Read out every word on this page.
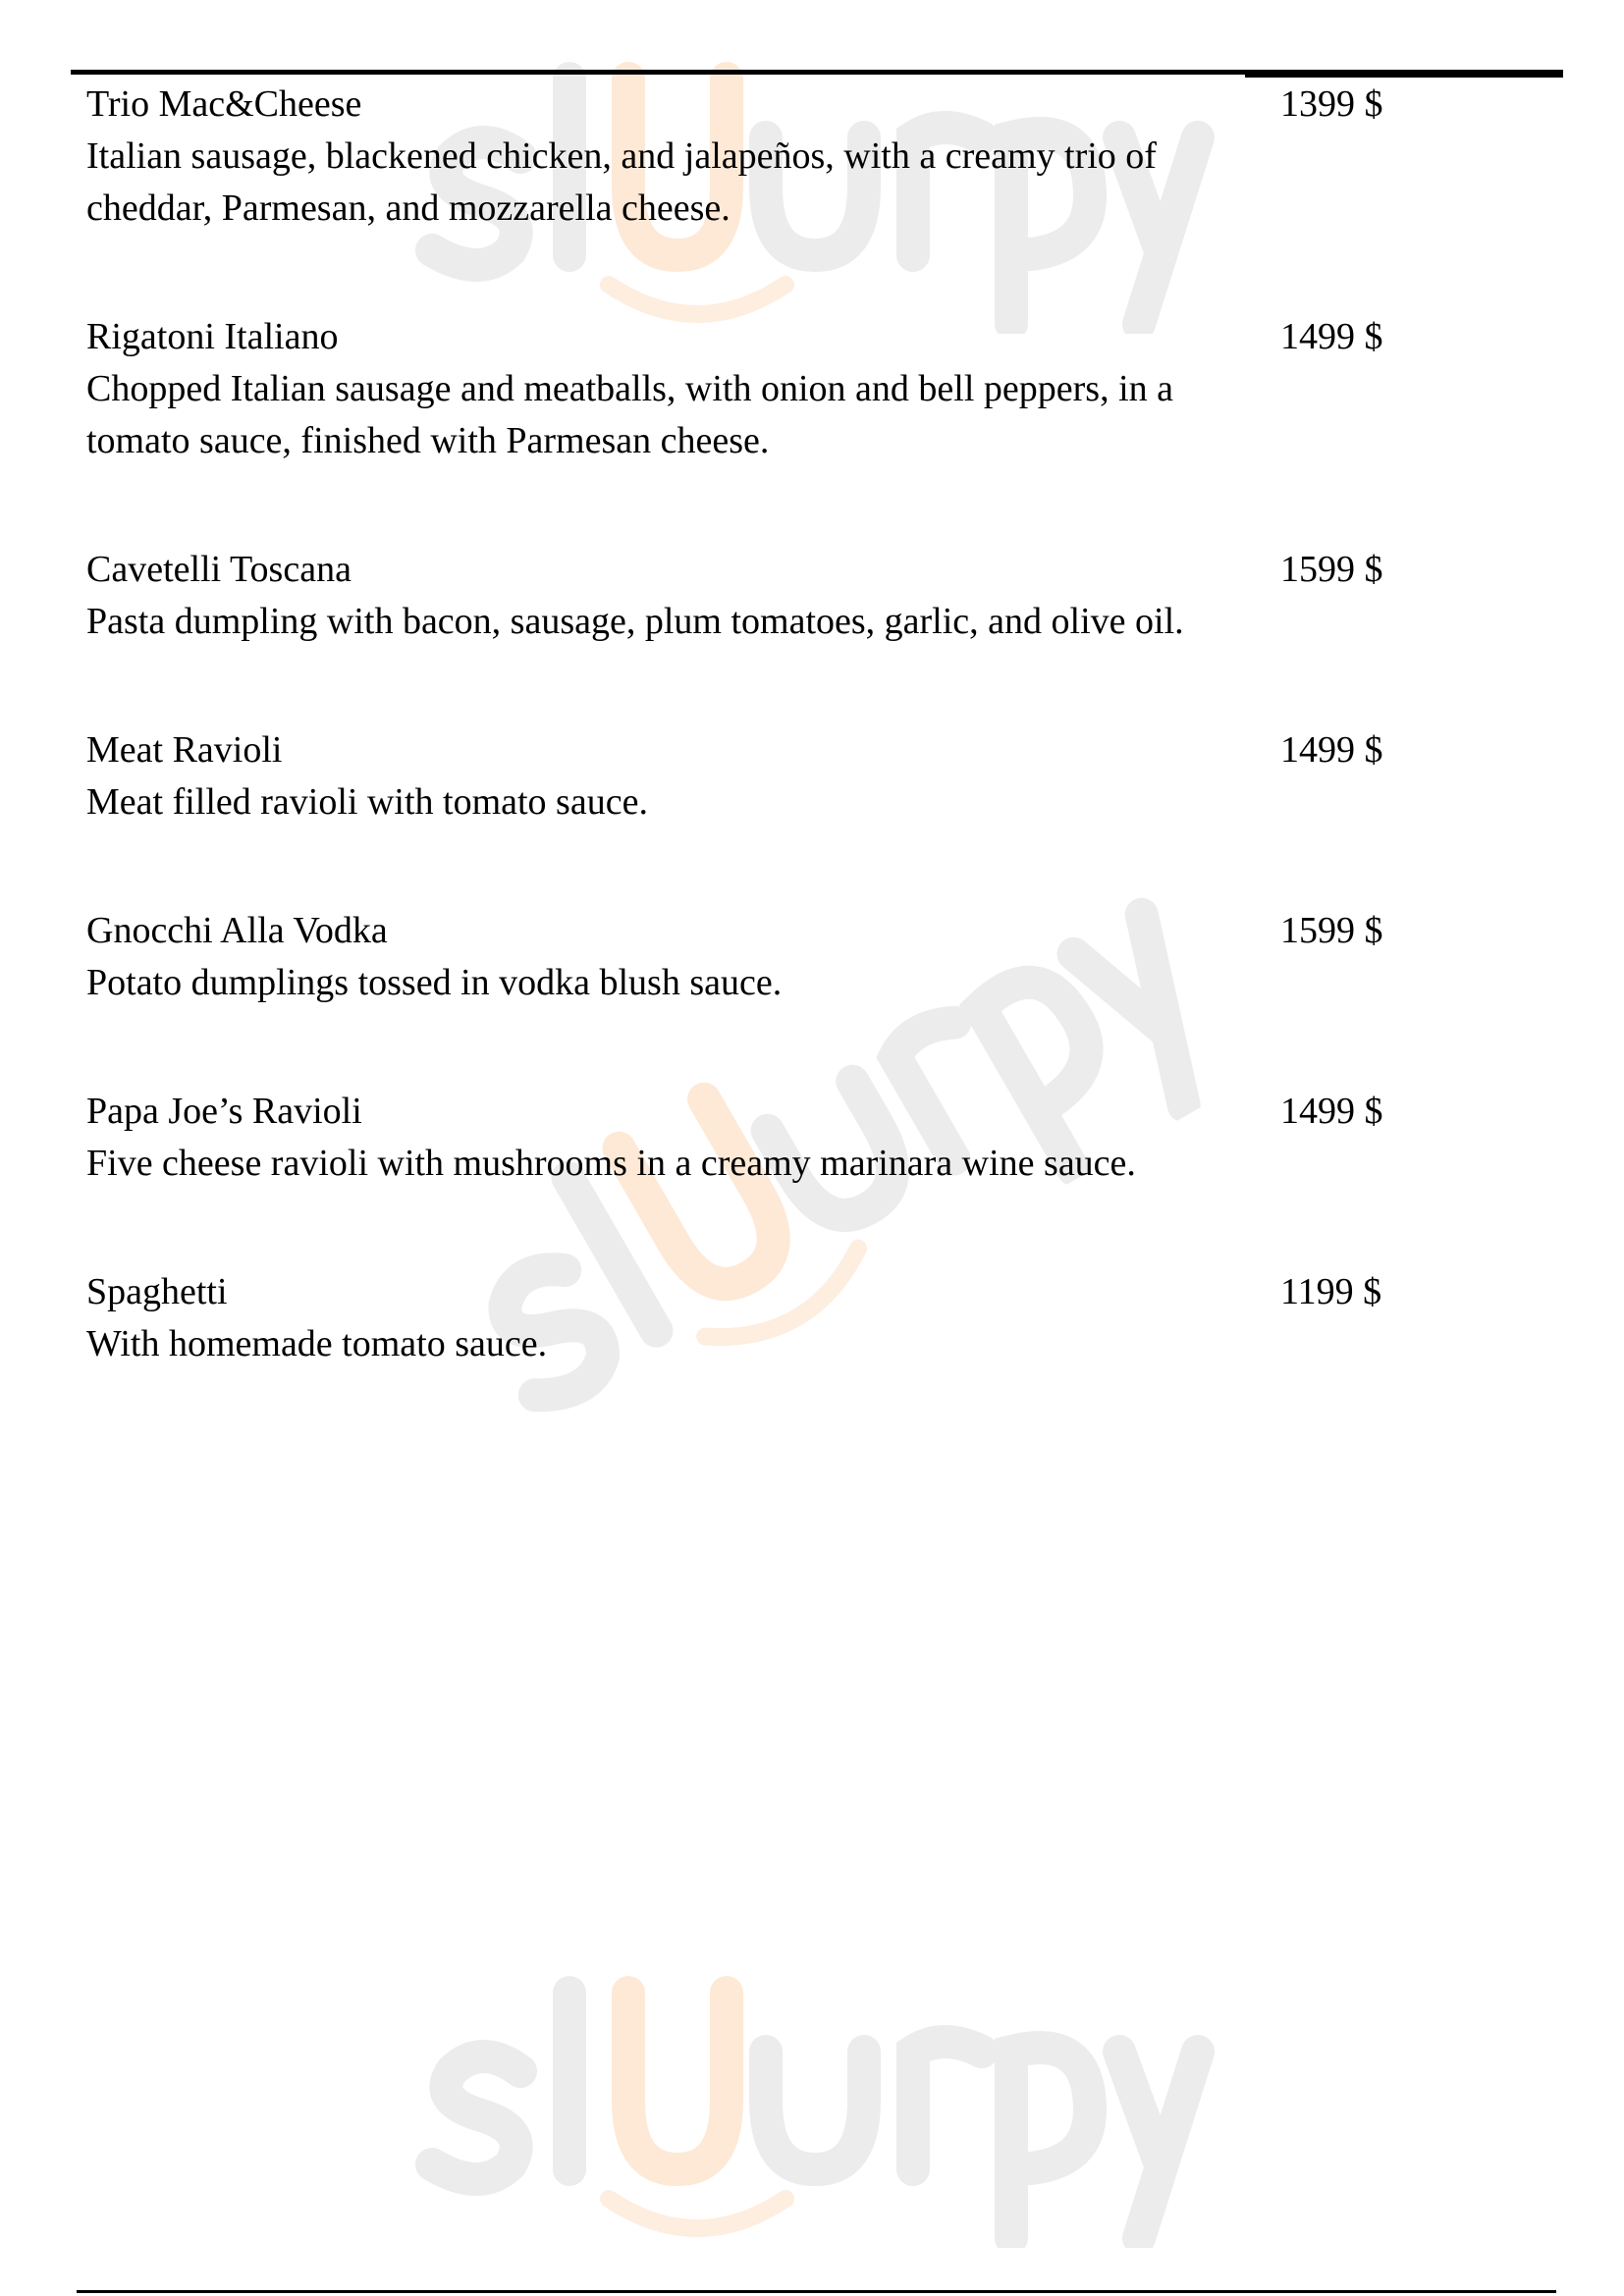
Trio Mac&Cheese
Italian sausage, blackened chicken, and jalapeños, with a creamy trio of cheddar, Parmesan, and mozzarella cheese.
1399 $
Rigatoni Italiano
Chopped Italian sausage and meatballs, with onion and bell peppers, in a tomato sauce, finished with Parmesan cheese.
1499 $
Cavetelli Toscana
Pasta dumpling with bacon, sausage, plum tomatoes, garlic, and olive oil.
1599 $
Meat Ravioli
Meat filled ravioli with tomato sauce.
1499 $
Gnocchi Alla Vodka
Potato dumplings tossed in vodka blush sauce.
1599 $
Papa Joe’s Ravioli
Five cheese ravioli with mushrooms in a creamy marinara wine sauce.
1499 $
Spaghetti
With homemade tomato sauce.
1199 $
